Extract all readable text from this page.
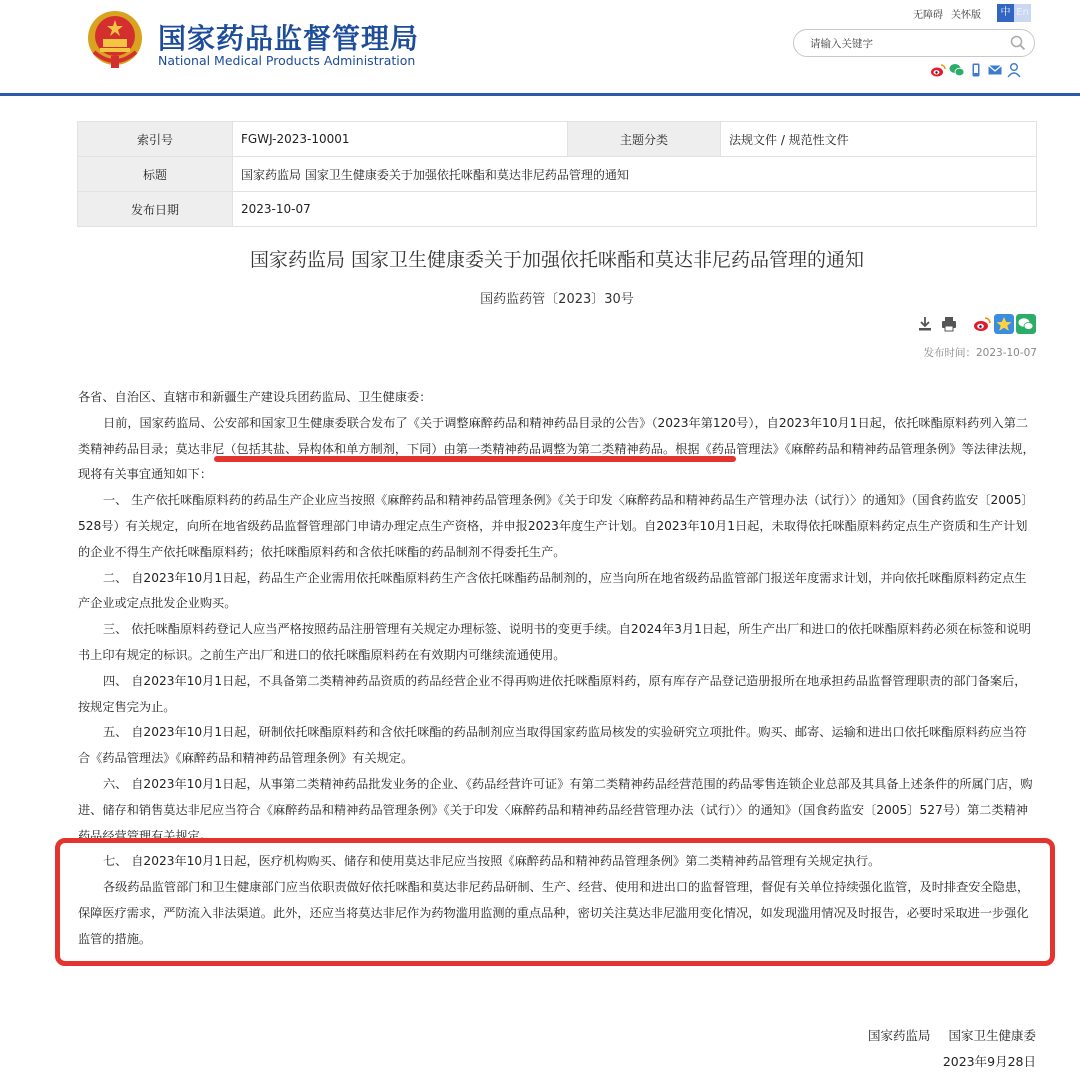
国家药品监督管理局
National Medical Products Administration
无障碍 关怀版	中 En
请输入关键字
索引号	FGWJ-2023-10001	主题分类	法规文件 / 规范性文件
标题	国家药监局 国家卫生健康委关于加强依托咪酯和莫达非尼药品管理的通知		
发布日期	2023-10-07		
国家药监局 国家卫生健康委关于加强依托咪酯和莫达非尼药品管理的通知
国药监药管〔2023〕30号
发布时间：2023-10-07

各省、自治区、直辖市和新疆生产建设兵团药监局、卫生健康委：

日前，国家药监局、公安部和国家卫生健康委联合发布了《关于调整麻醉药品和精神药品目录的公告》（2023年第120号），自2023年10月1日起，依托咪酯原料药列入第二类精神药品目录；莫达非尼（包括其盐、异构体和单方制剂，下同）由第一类精神药品调整为第二类精神药品。根据《药品管理法》《麻醉药品和精神药品管理条例》等法律法规，现将有关事宜通知如下：

一、 生产依托咪酯原料药的药品生产企业应当按照《麻醉药品和精神药品管理条例》《关于印发〈麻醉药品和精神药品生产管理办法（试行）〉的通知》（国食药监安〔2005〕528号）有关规定，向所在地省级药品监督管理部门申请办理定点生产资格，并申报2023年度生产计划。自2023年10月1日起，未取得依托咪酯原料药定点生产资质和生产计划的企业不得生产依托咪酯原料药；依托咪酯原料药和含依托咪酯的药品制剂不得委托生产。

二、 自2023年10月1日起，药品生产企业需用依托咪酯原料药生产含依托咪酯药品制剂的，应当向所在地省级药品监管部门报送年度需求计划，并向依托咪酯原料药定点生产企业或定点批发企业购买。

三、 依托咪酯原料药登记人应当严格按照药品注册管理有关规定办理标签、说明书的变更手续。自2024年3月1日起，所生产出厂和进口的依托咪酯原料药必须在标签和说明书上印有规定的标识。之前生产出厂和进口的依托咪酯原料药在有效期内可继续流通使用。

四、 自2023年10月1日起，不具备第二类精神药品资质的药品经营企业不得再购进依托咪酯原料药，原有库存产品登记造册报所在地承担药品监督管理职责的部门备案后，按规定售完为止。

五、 自2023年10月1日起，研制依托咪酯原料药和含依托咪酯的药品制剂应当取得国家药监局核发的实验研究立项批件。购买、邮寄、运输和进出口依托咪酯原料药应当符合《药品管理法》《麻醉药品和精神药品管理条例》有关规定。

六、 自2023年10月1日起，从事第二类精神药品批发业务的企业、《药品经营许可证》有第二类精神药品经营范围的药品零售连锁企业总部及其具备上述条件的所属门店，购进、储存和销售莫达非尼应当符合《麻醉药品和精神药品管理条例》《关于印发〈麻醉药品和精神药品经营管理办法（试行）〉的通知》（国食药监安〔2005〕527号）第二类精神药品经营管理有关规定。

七、 自2023年10月1日起，医疗机构购买、储存和使用莫达非尼应当按照《麻醉药品和精神药品管理条例》第二类精神药品管理有关规定执行。

各级药品监管部门和卫生健康部门应当依职责做好依托咪酯和莫达非尼药品研制、生产、经营、使用和进出口的监督管理，督促有关单位持续强化监管，及时排查安全隐患，保障医疗需求，严防流入非法渠道。此外，还应当将莫达非尼作为药物滥用监测的重点品种，密切关注莫达非尼滥用变化情况，如发现滥用情况及时报告，必要时采取进一步强化监管的措施。

国家药监局 国家卫生健康委
2023年9月28日
